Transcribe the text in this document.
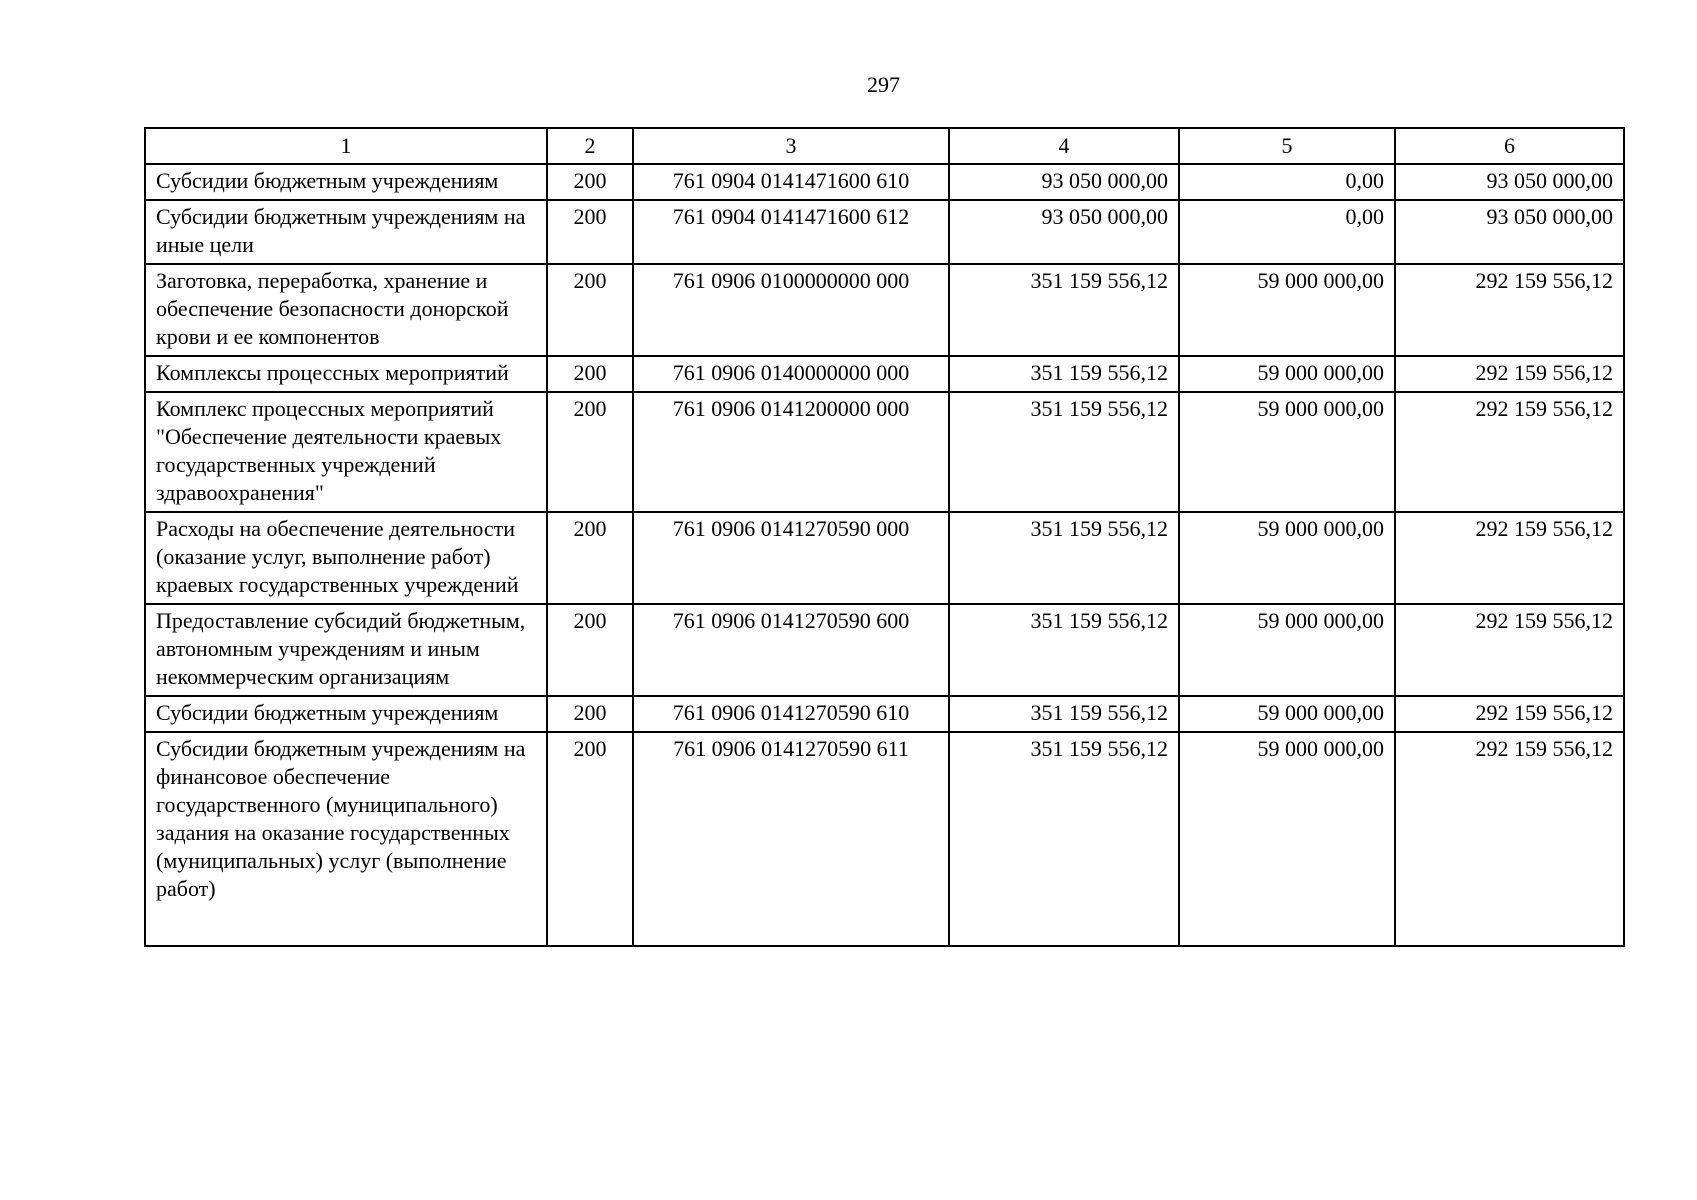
297
1	2	3	4	5	6
Субсидии бюджетным учреждениям	200	761 0904 0141471600 610	93 050 000,00	0,00	93 050 000,00
Субсидии бюджетным учреждениям на иные цели	200	761 0904 0141471600 612	93 050 000,00	0,00	93 050 000,00
Заготовка, переработка, хранение и обеспечение безопасности донорской крови и ее компонентов	200	761 0906 0100000000 000	351 159 556,12	59 000 000,00	292 159 556,12
Комплексы процессных мероприятий	200	761 0906 0140000000 000	351 159 556,12	59 000 000,00	292 159 556,12
Комплекс процессных мероприятий "Обеспечение деятельности краевых государственных учреждений здравоохранения"	200	761 0906 0141200000 000	351 159 556,12	59 000 000,00	292 159 556,12
Расходы на обеспечение деятельности (оказание услуг, выполнение работ) краевых государственных учреждений	200	761 0906 0141270590 000	351 159 556,12	59 000 000,00	292 159 556,12
Предоставление субсидий бюджетным, автономным учреждениям и иным некоммерческим организациям	200	761 0906 0141270590 600	351 159 556,12	59 000 000,00	292 159 556,12
Субсидии бюджетным учреждениям	200	761 0906 0141270590 610	351 159 556,12	59 000 000,00	292 159 556,12
Субсидии бюджетным учреждениям на финансовое обеспечение государственного (муниципального) задания на оказание государственных (муниципальных) услуг (выполнение работ)	200	761 0906 0141270590 611	351 159 556,12	59 000 000,00	292 159 556,12
